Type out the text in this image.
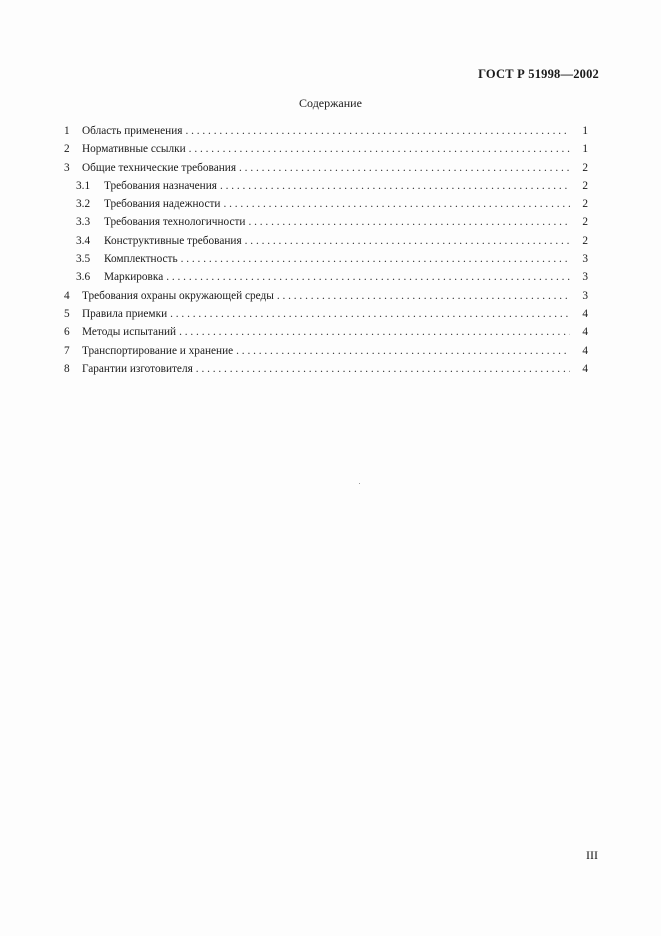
ГОСТ Р 51998—2002
Содержание
1	Область применения . . .	1
2	Нормативные ссылки . . .	1
3	Общие технические требования . . .	2
3.1	Требования назначения . . .	2
3.2	Требования надежности . . .	2
3.3	Требования технологичности . . .	2
3.4	Конструктивные требования . . .	2
3.5	Комплектность . . .	3
3.6	Маркировка . . .	3
4	Требования охраны окружающей среды . . .	3
5	Правила приемки . . .	4
6	Методы испытаний . . .	4
7	Транспортирование и хранение . . .	4
8	Гарантии изготовителя . . .	4
III
